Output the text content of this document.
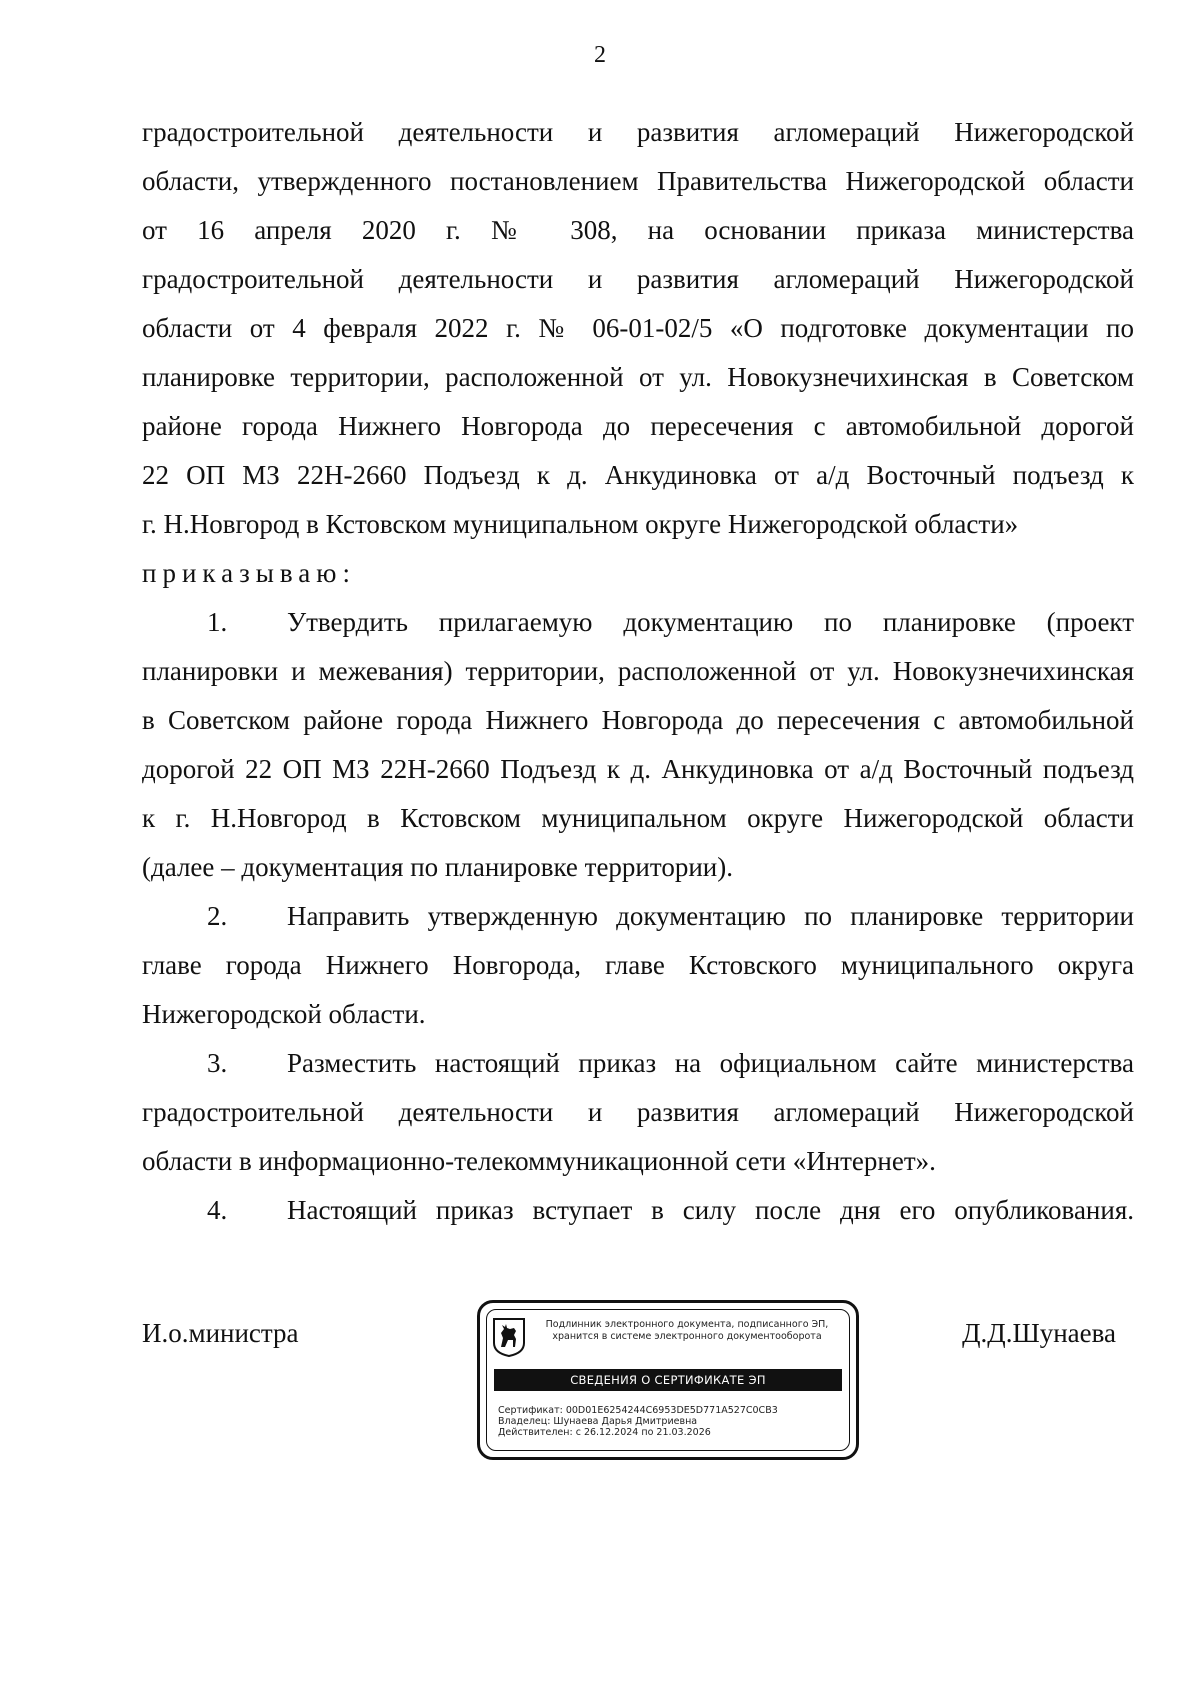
2
градостроительной деятельности и развития агломераций Нижегородской
области, утвержденного постановлением Правительства Нижегородской области
от 16 апреля 2020 г. № 308, на основании приказа министерства
градостроительной деятельности и развития агломераций Нижегородской
области от 4 февраля 2022 г. № 06-01-02/5 «О подготовке документации по
планировке территории, расположенной от ул. Новокузнечихинская в Советском
районе города Нижнего Новгорода до пересечения с автомобильной дорогой
22 ОП МЗ 22Н-2660 Подъезд к д. Анкудиновка от а/д Восточный подъезд к
г. Н.Новгород в Кстовском муниципальном округе Нижегородской области»
приказываю:
1.	Утвердить прилагаемую документацию по планировке (проект
планировки и межевания) территории, расположенной от ул. Новокузнечихинская
в Советском районе города Нижнего Новгорода до пересечения с автомобильной
дорогой 22 ОП МЗ 22Н-2660 Подъезд к д. Анкудиновка от а/д Восточный подъезд
к г. Н.Новгород в Кстовском муниципальном округе Нижегородской области
(далее – документация по планировке территории).
2.	Направить утвержденную документацию по планировке территории
главе города Нижнего Новгорода, главе Кстовского муниципального округа
Нижегородской области.
3.	Разместить настоящий приказ на официальном сайте министерства
градостроительной деятельности и развития агломераций Нижегородской
области в информационно-телекоммуникационной сети «Интернет».
4.	Настоящий приказ вступает в силу после дня его опубликования.
И.о.министра	Д.Д.Шунаева
Подлинник электронного документа, подписанного ЭП,
хранится в системе электронного документооборота
СВЕДЕНИЯ О СЕРТИФИКАТЕ ЭП
Сертификат: 00D01E6254244C6953DE5D771A527C0CB3
Владелец: Шунаева Дарья Дмитриевна
Действителен: с 26.12.2024 по 21.03.2026
